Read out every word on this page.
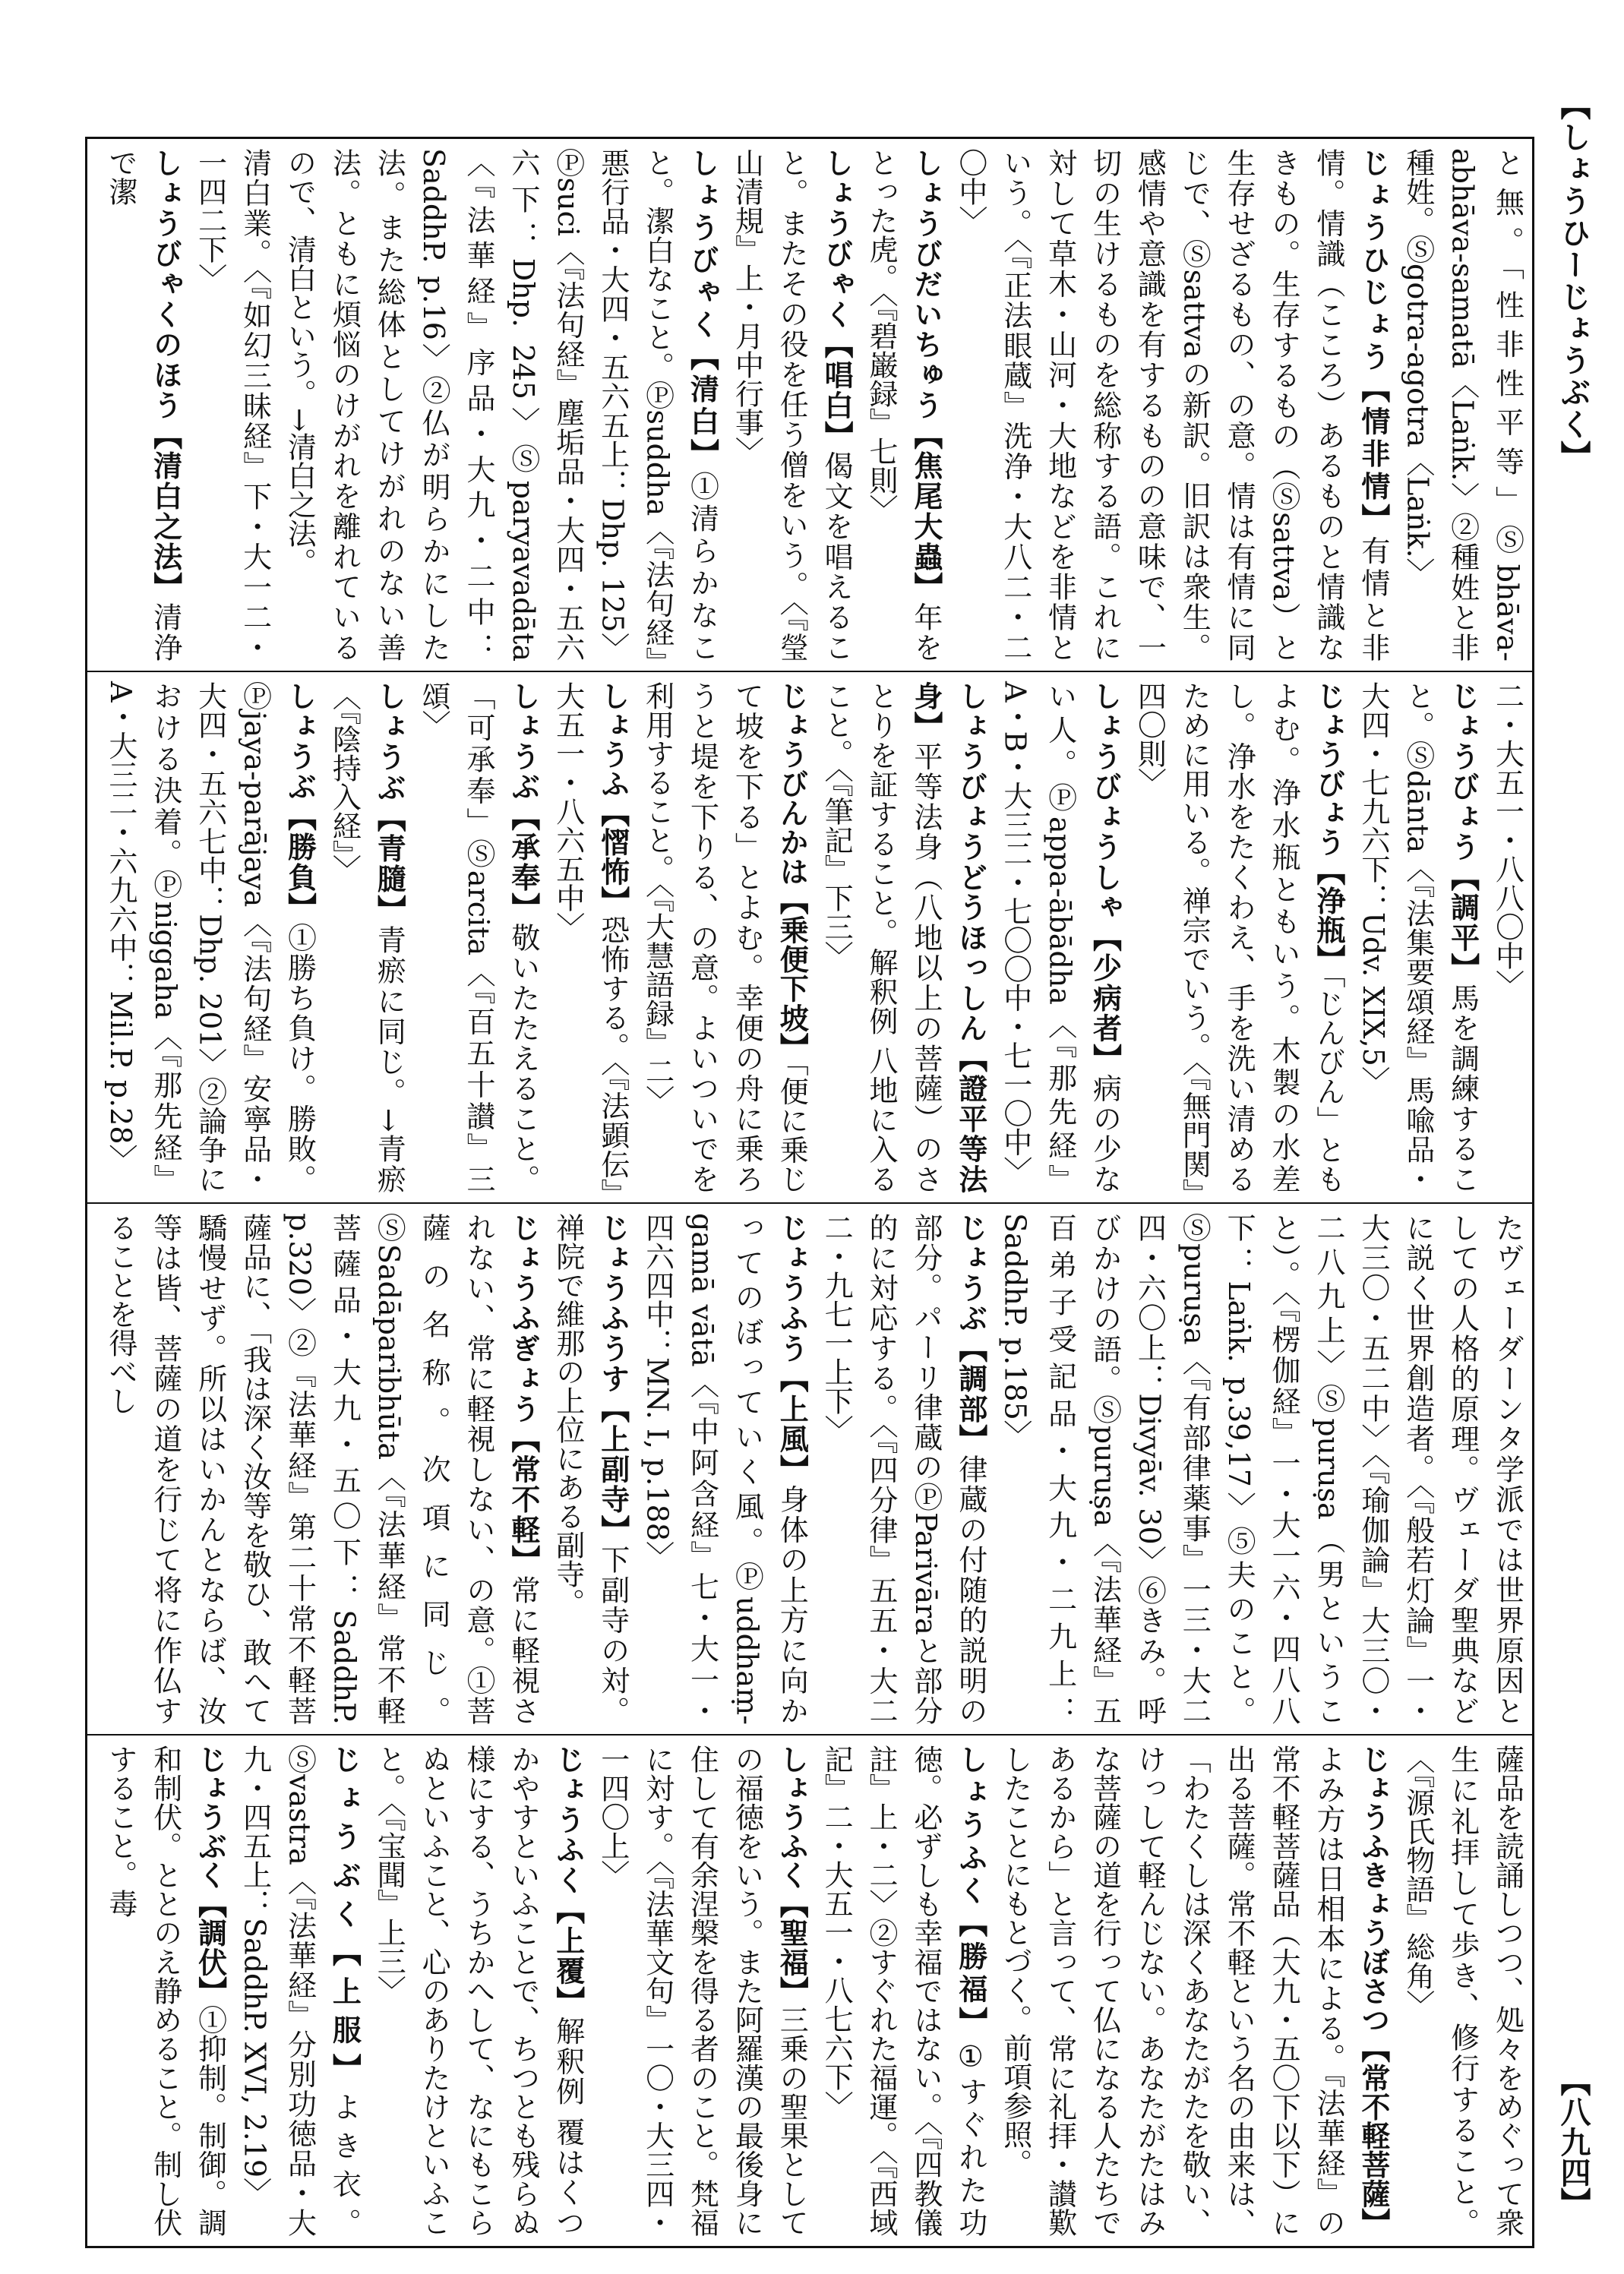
【しょうひーじょうぶく】
【八九四】
と無。「性非性平等」Ⓢbhāva-abhāva-samatā〈Laṅk.〉②種姓と非種姓。Ⓢgotra-agotra〈Laṅk.〉
じょうひじょう【情非情】有情と非情。情識（こころ）あるものと情識なきもの。生存するもの（Ⓢsattva）と生存せざるもの、の意。情は有情に同じで、Ⓢsattvaの新訳。旧訳は衆生。感情や意識を有するものの意味で、一切の生けるものを総称する語。これに対して草木・山河・大地などを非情という。〈『正法眼蔵』洗浄・大八二・二〇中〉
しょうびだいちゅう【焦尾大蟲】年をとった虎。〈『碧巌録』七則〉
しょうびゃく【唱白】偈文を唱えること。またその役を任う僧をいう。〈『瑩山清規』上・月中行事〉
しょうびゃく【清白】①清らかなこと。潔白なこと。Ⓟsuddha〈『法句経』悪行品・大四・五六五上：Dhp. 125〉Ⓟsuci〈『法句経』塵垢品・大四・五六六下：Dhp. 245〉Ⓢparyavadāta〈『法華経』序品・大九・二中：SaddhP. p.16〉②仏が明らかにした法。また総体としてけがれのない善法。ともに煩悩のけがれを離れているので、清白という。→清白之法。
清白業。〈『如幻三昧経』下・大一二・一四二下〉
しょうびゃくのほう【清白之法】清浄で潔
二・大五一・八八〇中〉
じょうびょう【調平】馬を調練すること。Ⓢdānta〈『法集要頌経』馬喩品・大四・七九六下：Udv. XIX,5〉
じょうびょう【浄瓶】「じんびん」ともよむ。浄水瓶ともいう。木製の水差し。浄水をたくわえ、手を洗い清めるために用いる。禅宗でいう。〈『無門関』四〇則〉
しょうびょうしゃ【少病者】病の少ない人。Ⓟappa-ābādha〈『那先経』A・B・大三二・七〇〇中・七一〇中〉
しょうびょうどうほっしん【證平等法身】平等法身（八地以上の菩薩）のさとりを証すること。解釈例 八地に入ること。〈『筆記』下三〉
じょうびんかは【乗便下坡】「便に乗じて坡を下る」とよむ。幸便の舟に乗ろうと堤を下りる、の意。よいついでを利用すること。〈『大慧語録』二〉
しょうふ【慴怖】恐怖する。〈『法顕伝』大五一・八六五中〉
しょうぶ【承奉】敬いたたえること。「可承奉」Ⓢarcita〈『百五十讃』三頌〉
しょうぶ【青膸】青瘀に同じ。→青瘀〈『陰持入経』〉
しょうぶ【勝負】①勝ち負け。勝敗。Ⓟjaya-parājaya〈『法句経』安寧品・大四・五六七中：Dhp. 201〉②論争における決着。Ⓟniggaha〈『那先経』A・大三二・六九六中：Mil.P. p.28〉
たヴェーダーンタ学派では世界原因としての人格的原理。ヴェーダ聖典などに説く世界創造者。〈『般若灯論』一・大三〇・五二中〉〈『瑜伽論』大三〇・二八九上〉Ⓢpuruṣa（男ということ）。〈『楞伽経』一・大一六・四八八下：Laṅk. p.39,17〉⑤夫のこと。Ⓢpuruṣa〈『有部律薬事』一三・大二四・六〇上：Divyāv. 30〉⑥きみ。呼びかけの語。Ⓢpuruṣa〈『法華経』五百弟子受記品・大九・二九上：SaddhP. p.185〉
じょうぶ【調部】律蔵の付随的説明の部分。パーリ律蔵のⓅParivāraと部分的に対応する。〈『四分律』五五・大二二・九七一上下〉
じょうふう【上風】身体の上方に向かってのぼっていく風。Ⓟuddhaṃ-gamā vātā〈『中阿含経』七・大一・四六四中：MN. I, p.188〉
じょうふうす【上副寺】下副寺の対。禅院で維那の上位にある副寺。
じょうふぎょう【常不軽】常に軽視されない、常に軽視しない、の意。①菩薩の名称。次項に同じ。ⓈSadāparibhūta〈『法華経』常不軽菩薩品・大九・五〇下：SaddhP. p.320〉②『法華経』第二十常不軽菩薩品に、「我は深く汝等を敬ひ、敢へて驕慢せず。所以はいかんとならば、汝等は皆、菩薩の道を行じて将に作仏することを得べし
薩品を読誦しつつ、処々をめぐって衆生に礼拝して歩き、修行すること。〈『源氏物語』総角〉
じょうふきょうぼさつ【常不軽菩薩】よみ方は日相本による。『法華経』の常不軽菩薩品（大九・五〇下以下）に出る菩薩。常不軽という名の由来は、「わたくしは深くあなたがたを敬い、けっして軽んじない。あなたがたはみな菩薩の道を行って仏になる人たちであるから」と言って、常に礼拝・讃歎したことにもとづく。前項参照。
しょうふく【勝福】①すぐれた功徳。必ずしも幸福ではない。〈『四教儀註』上・二〉②すぐれた福運。〈『西域記』二・大五一・八七六下〉
しょうふく【聖福】三乗の聖果としての福徳をいう。また阿羅漢の最後身に住して有余涅槃を得る者のこと。梵福に対す。〈『法華文句』一〇・大三四・一四〇上〉
じょうふく【上覆】解釈例 覆はくつかやすといふことで、ちつとも残らぬ様にする、うちかへして、なにもこらぬといふこと、心のありたけといふこと。〈『宝聞』上三〉
じょうぶく【上服】よき衣。Ⓢvastra〈『法華経』分別功徳品・大九・四五上：SaddhP. XVI, 2.19〉
じょうぶく【調伏】①抑制。制御。調和制伏。ととのえ静めること。制し伏すること。毒
